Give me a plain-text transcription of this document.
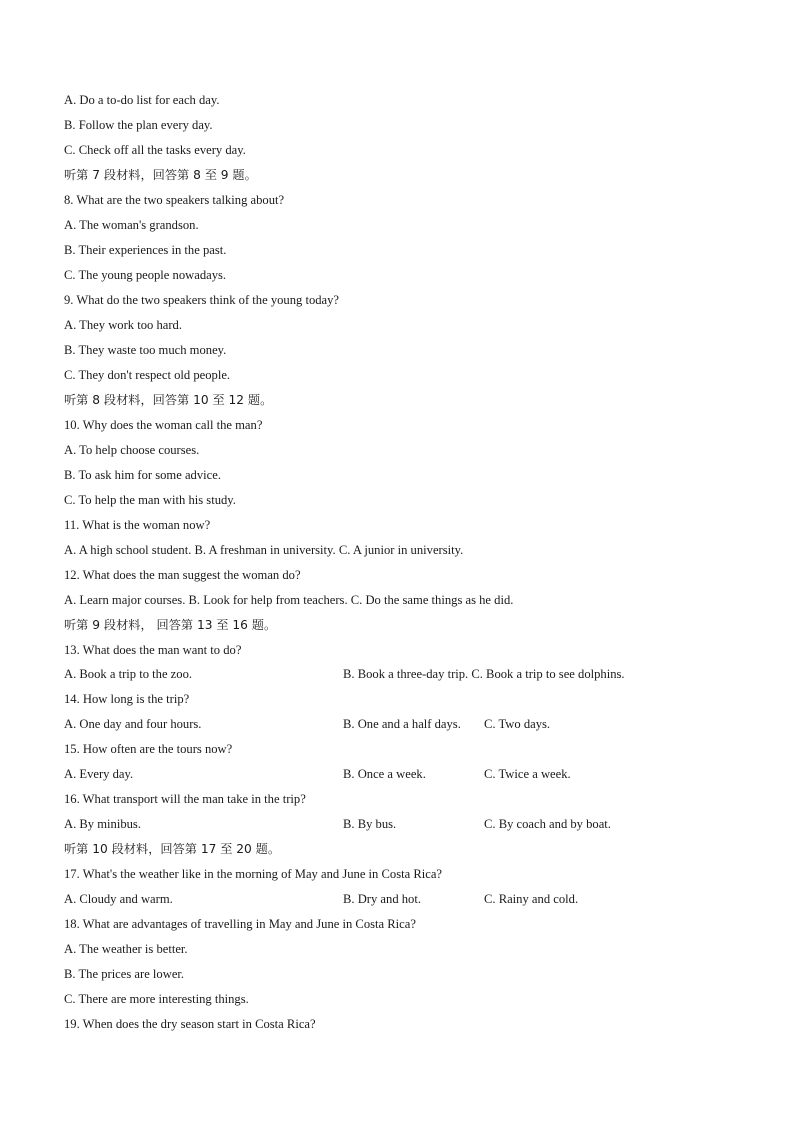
A. Do a to-do list for each day.
B. Follow the plan every day.
C. Check off all the tasks every day.
听第 7 段材料，回答第 8 至 9 题。
8. What are the two speakers talking about?
A. The woman's grandson.
B. Their experiences in the past.
C. The young people nowadays.
9. What do the two speakers think of the young today?
A. They work too hard.
B. They waste too much money.
C. They don't respect old people.
听第 8 段材料，回答第 10 至 12 题。
10. Why does the woman call the man?
A. To help choose courses.
B. To ask him for some advice.
C. To help the man with his study.
11. What is the woman now?
A. A high school student. B. A freshman in university. C. A junior in university.
12. What does the man suggest the woman do?
A. Learn major courses. B. Look for help from teachers. C. Do the same things as he did.
听第 9 段材料， 回答第 13 至 16 题。
13. What does the man want to do?
A. Book a trip to the zoo.	B. Book a three-day trip. C. Book a trip to see dolphins.
14. How long is the trip?
A. One day and four hours.	B. One and a half days. C. Two days.
15. How often are the tours now?
A. Every day.	B. Once a week.	C. Twice a week.
16. What transport will the man take in the trip?
A. By minibus.	B. By bus.	C. By coach and by boat.
听第 10 段材料，回答第 17 至 20 题。
17. What's the weather like in the morning of May and June in Costa Rica?
A. Cloudy and warm.	B. Dry and hot.	C. Rainy and cold.
18. What are advantages of travelling in May and June in Costa Rica?
A. The weather is better.
B. The prices are lower.
C. There are more interesting things.
19. When does the dry season start in Costa Rica?
